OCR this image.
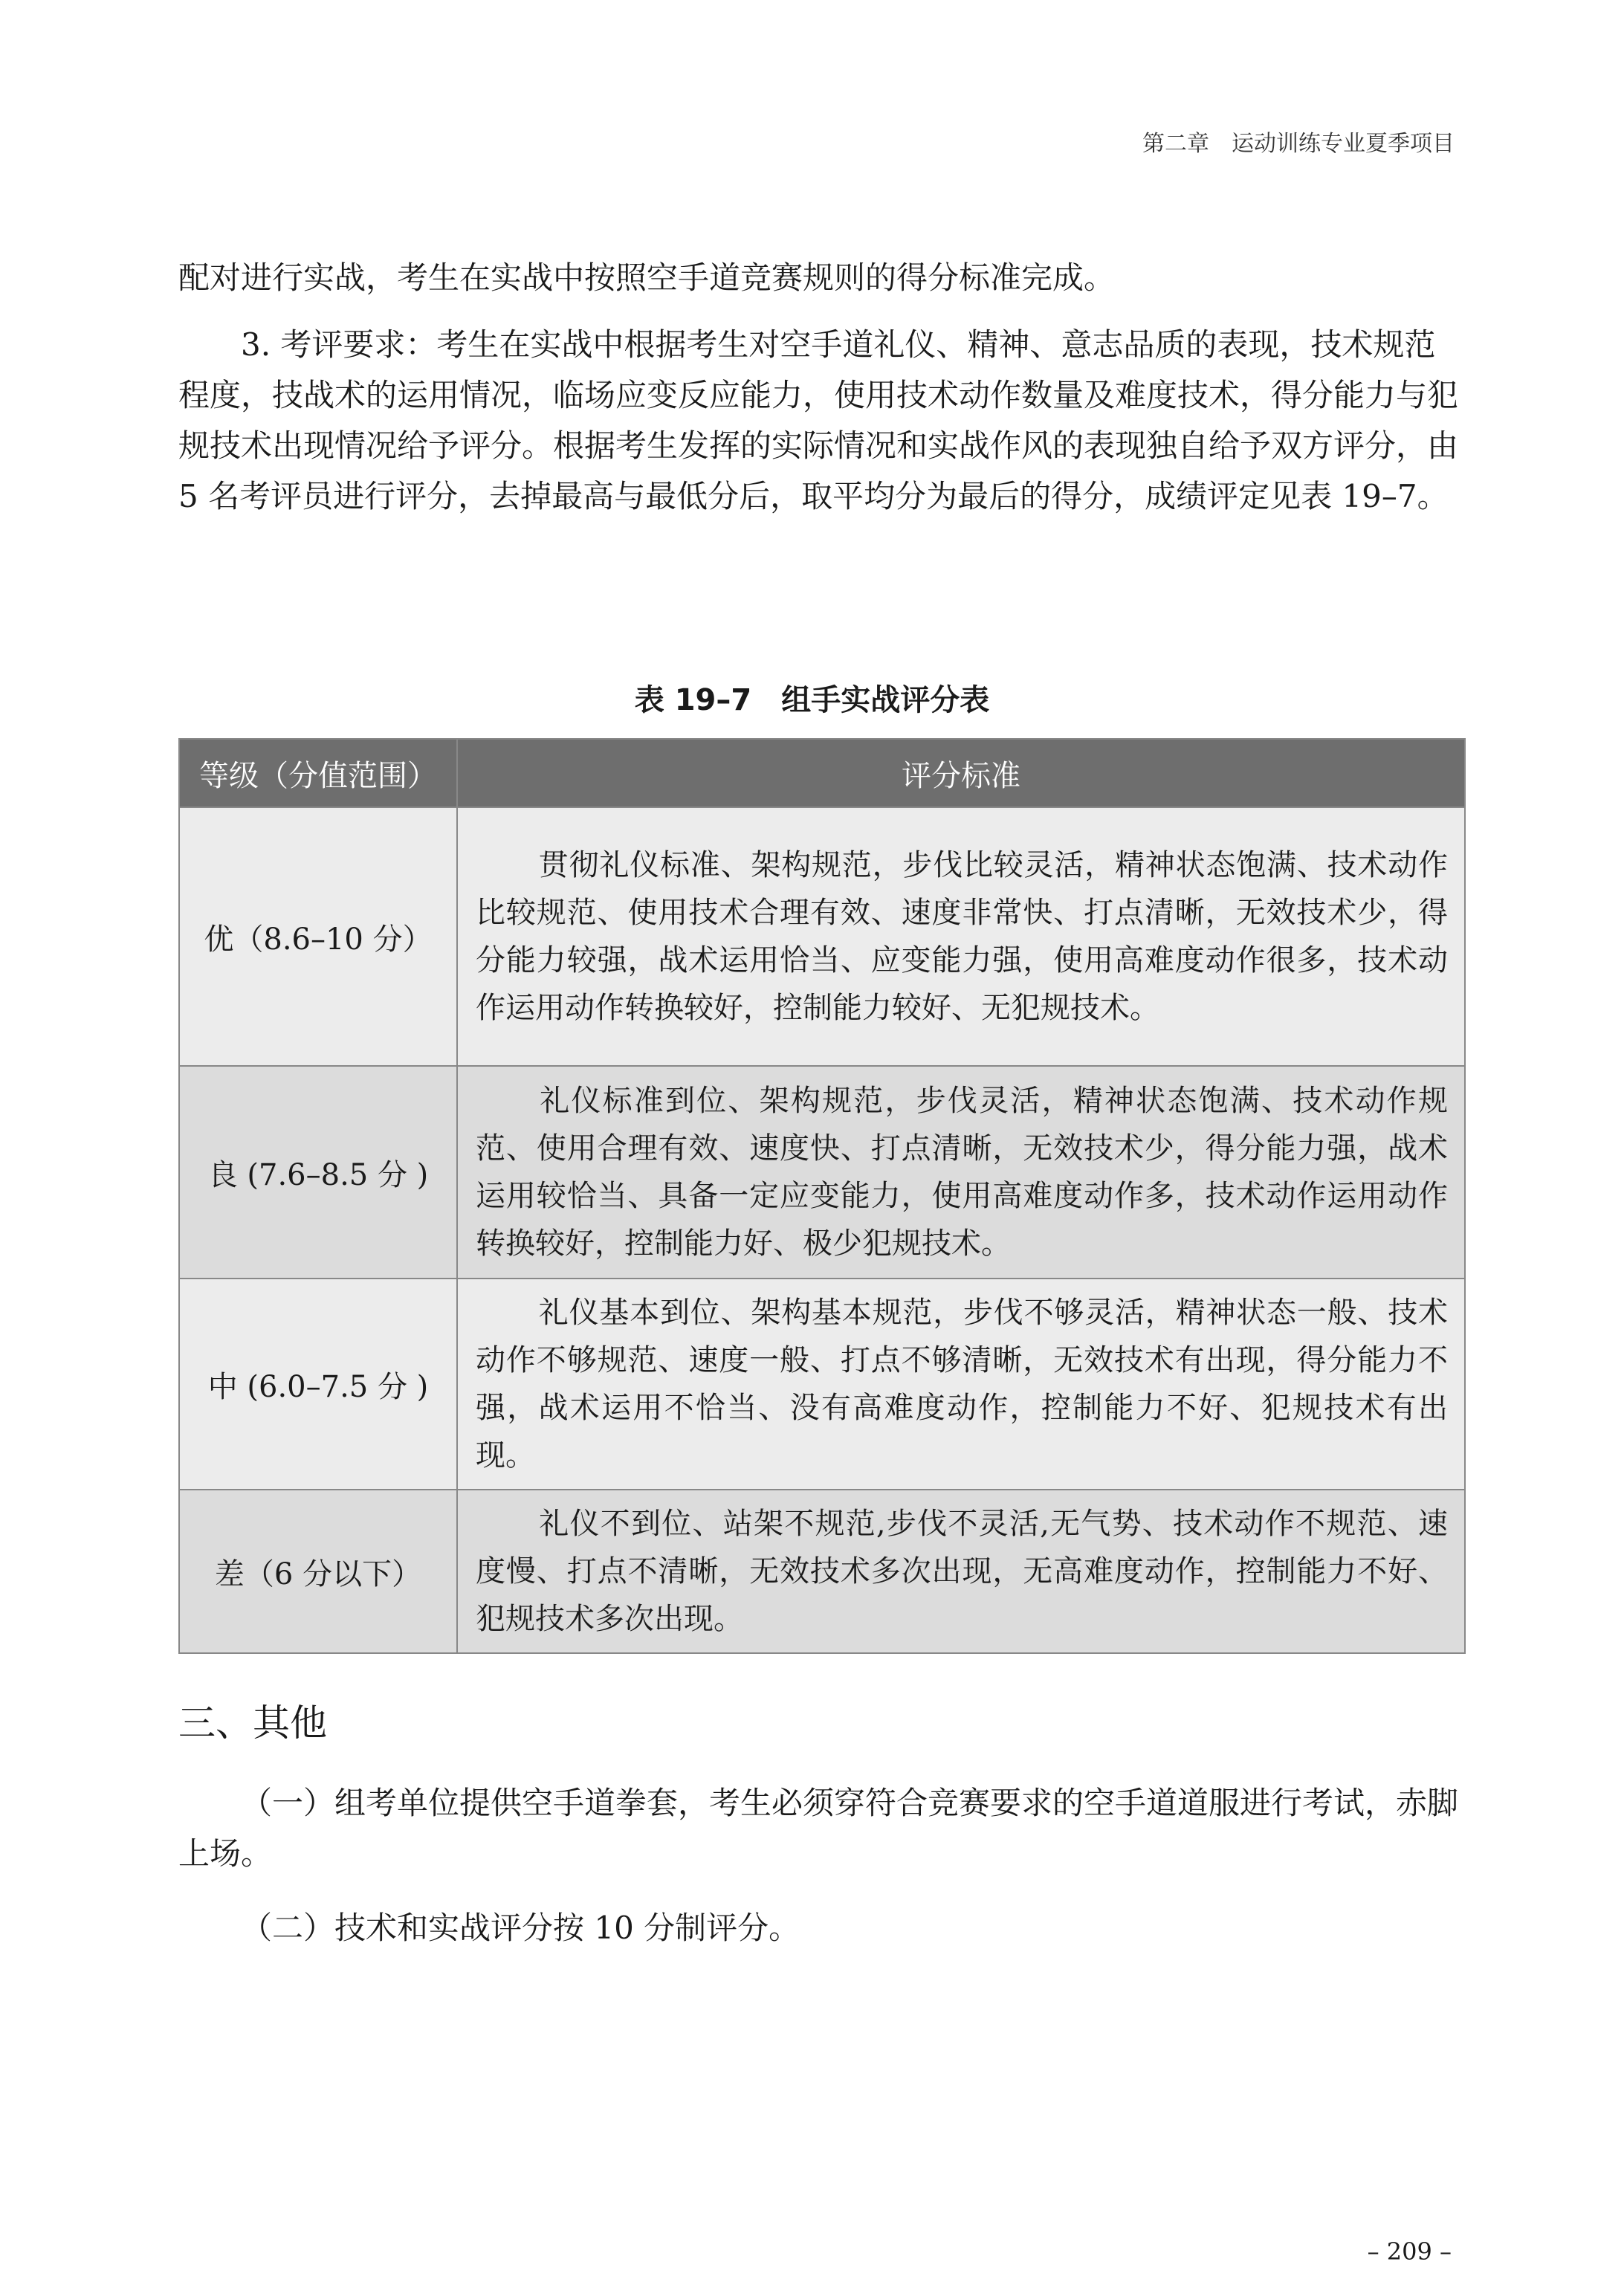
第二章　运动训练专业夏季项目

配对进行实战，考生在实战中按照空手道竞赛规则的得分标准完成。

3. 考评要求：考生在实战中根据考生对空手道礼仪、精神、意志品质的表现，技术规范程度，技战术的运用情况，临场应变反应能力，使用技术动作数量及难度技术，得分能力与犯规技术出现情况给予评分。根据考生发挥的实际情况和实战作风的表现独自给予双方评分，由 5 名考评员进行评分，去掉最高与最低分后，取平均分为最后的得分，成绩评定见表 19–7。

表 19–7　组手实战评分表
等级（分值范围）	评分标准
优（8.6–10 分）	贯彻礼仪标准、架构规范，步伐比较灵活，精神状态饱满、技术动作比较规范、使用技术合理有效、速度非常快、打点清晰，无效技术少，得分能力较强，战术运用恰当、应变能力强，使用高难度动作很多，技术动作运用动作转换较好，控制能力较好、无犯规技术。
良 (7.6–8.5 分 )	礼仪标准到位、架构规范，步伐灵活，精神状态饱满、技术动作规范、使用合理有效、速度快、打点清晰，无效技术少，得分能力强，战术运用较恰当、具备一定应变能力，使用高难度动作多，技术动作运用动作转换较好，控制能力好、极少犯规技术。
中 (6.0–7.5 分 )	礼仪基本到位、架构基本规范，步伐不够灵活，精神状态一般、技术动作不够规范、速度一般、打点不够清晰，无效技术有出现，得分能力不强，战术运用不恰当、没有高难度动作，控制能力不好、犯规技术有出现。
差（6 分以下）	礼仪不到位、站架不规范,步伐不灵活,无气势、技术动作不规范、速度慢、打点不清晰，无效技术多次出现，无高难度动作，控制能力不好、犯规技术多次出现。
三、其他

（一）组考单位提供空手道拳套，考生必须穿符合竞赛要求的空手道道服进行考试，赤脚上场。

（二）技术和实战评分按 10 分制评分。

– 209 –
